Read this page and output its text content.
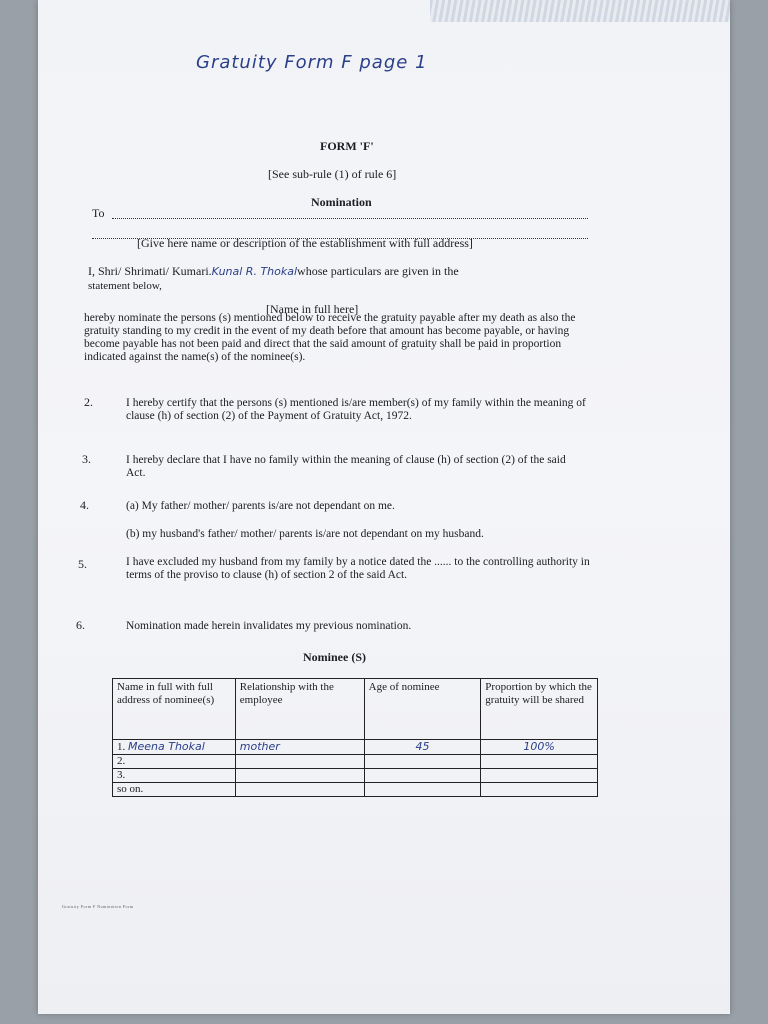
Gratuity Form F page 1
FORM 'F'
[See sub-rule (1) of rule 6]
Nomination
To
[Give here name or description of the establishment with full address]
I, Shri/ Shrimati/ Kumari.Kunal R. Thokalwhose particulars are given in the
statement below,
[Name in full here]
hereby nominate the persons (s) mentioned below to receive the gratuity payable after my death as also the gratuity standing to my credit in the event of my death before that amount has become payable, or having become payable has not been paid and direct that the said amount of gratuity shall be paid in proportion indicated against the name(s) of the nominee(s).
2.	I hereby certify that the persons (s) mentioned is/are member(s) of my family within the meaning of clause (h) of section (2) of the Payment of Gratuity Act, 1972.
3.	I hereby declare that I have no family within the meaning of clause (h) of section (2) of the said Act.
4.	(a) My father/ mother/ parents is/are not dependant on me.
(b) my husband's father/ mother/ parents is/are not dependant on my husband.
5.	I have excluded my husband from my family by a notice dated the ...... to the controlling authority in terms of the proviso to clause (h) of section 2 of the said Act.
6.	Nomination made herein invalidates my previous nomination.
Nominee (S)
Name in full with full address of nominee(s)	Relationship with the employee	Age of nominee	Proportion by which the gratuity will be shared
1. Meena Thokal	mother	45	100%
2.			
3.			
so on.			
Gratuity Form F Nomination Form
